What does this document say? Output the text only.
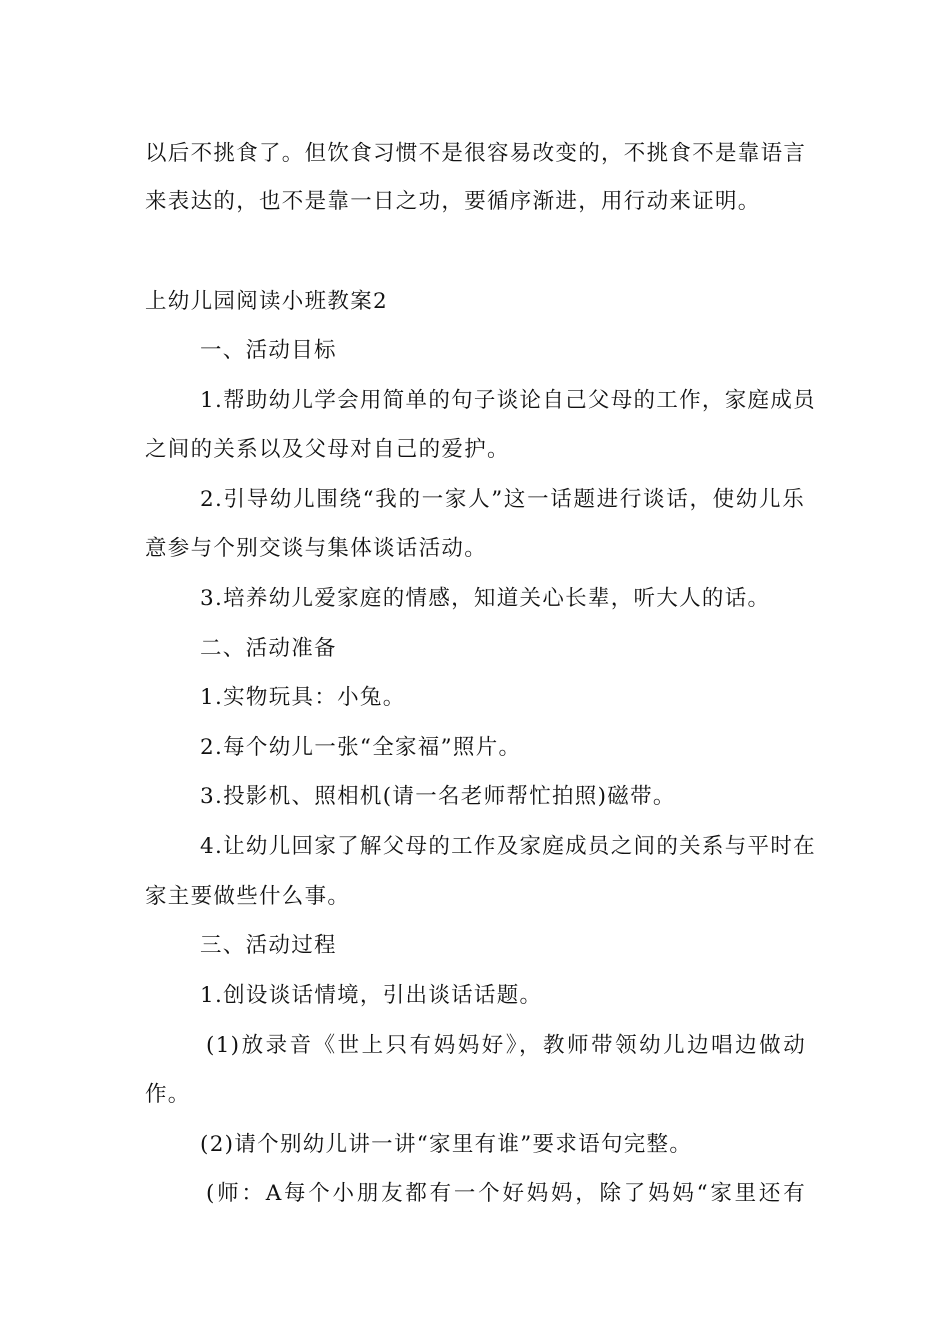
以后不挑食了。但饮食习惯不是很容易改变的，不挑食不是靠语言
来表达的，也不是靠一日之功，要循序渐进，用行动来证明。
上幼儿园阅读小班教案2
一、活动目标
1.帮助幼儿学会用简单的句子谈论自己父母的工作，家庭成员
之间的关系以及父母对自己的爱护。
2.引导幼儿围绕“我的一家人”这一话题进行谈话，使幼儿乐
意参与个别交谈与集体谈话活动。
3.培养幼儿爱家庭的情感，知道关心长辈，听大人的话。
二、活动准备
1.实物玩具：小兔。
2.每个幼儿一张“全家福”照片。
3.投影机、照相机(请一名老师帮忙拍照)磁带。
4.让幼儿回家了解父母的工作及家庭成员之间的关系与平时在
家主要做些什么事。
三、活动过程
1.创设谈话情境，引出谈话话题。
(1)放录音《世上只有妈妈好》，教师带领幼儿边唱边做动
作。
(2)请个别幼儿讲一讲“家里有谁”要求语句完整。
(师：A每个小朋友都有一个好妈妈，除了妈妈“家里还有
